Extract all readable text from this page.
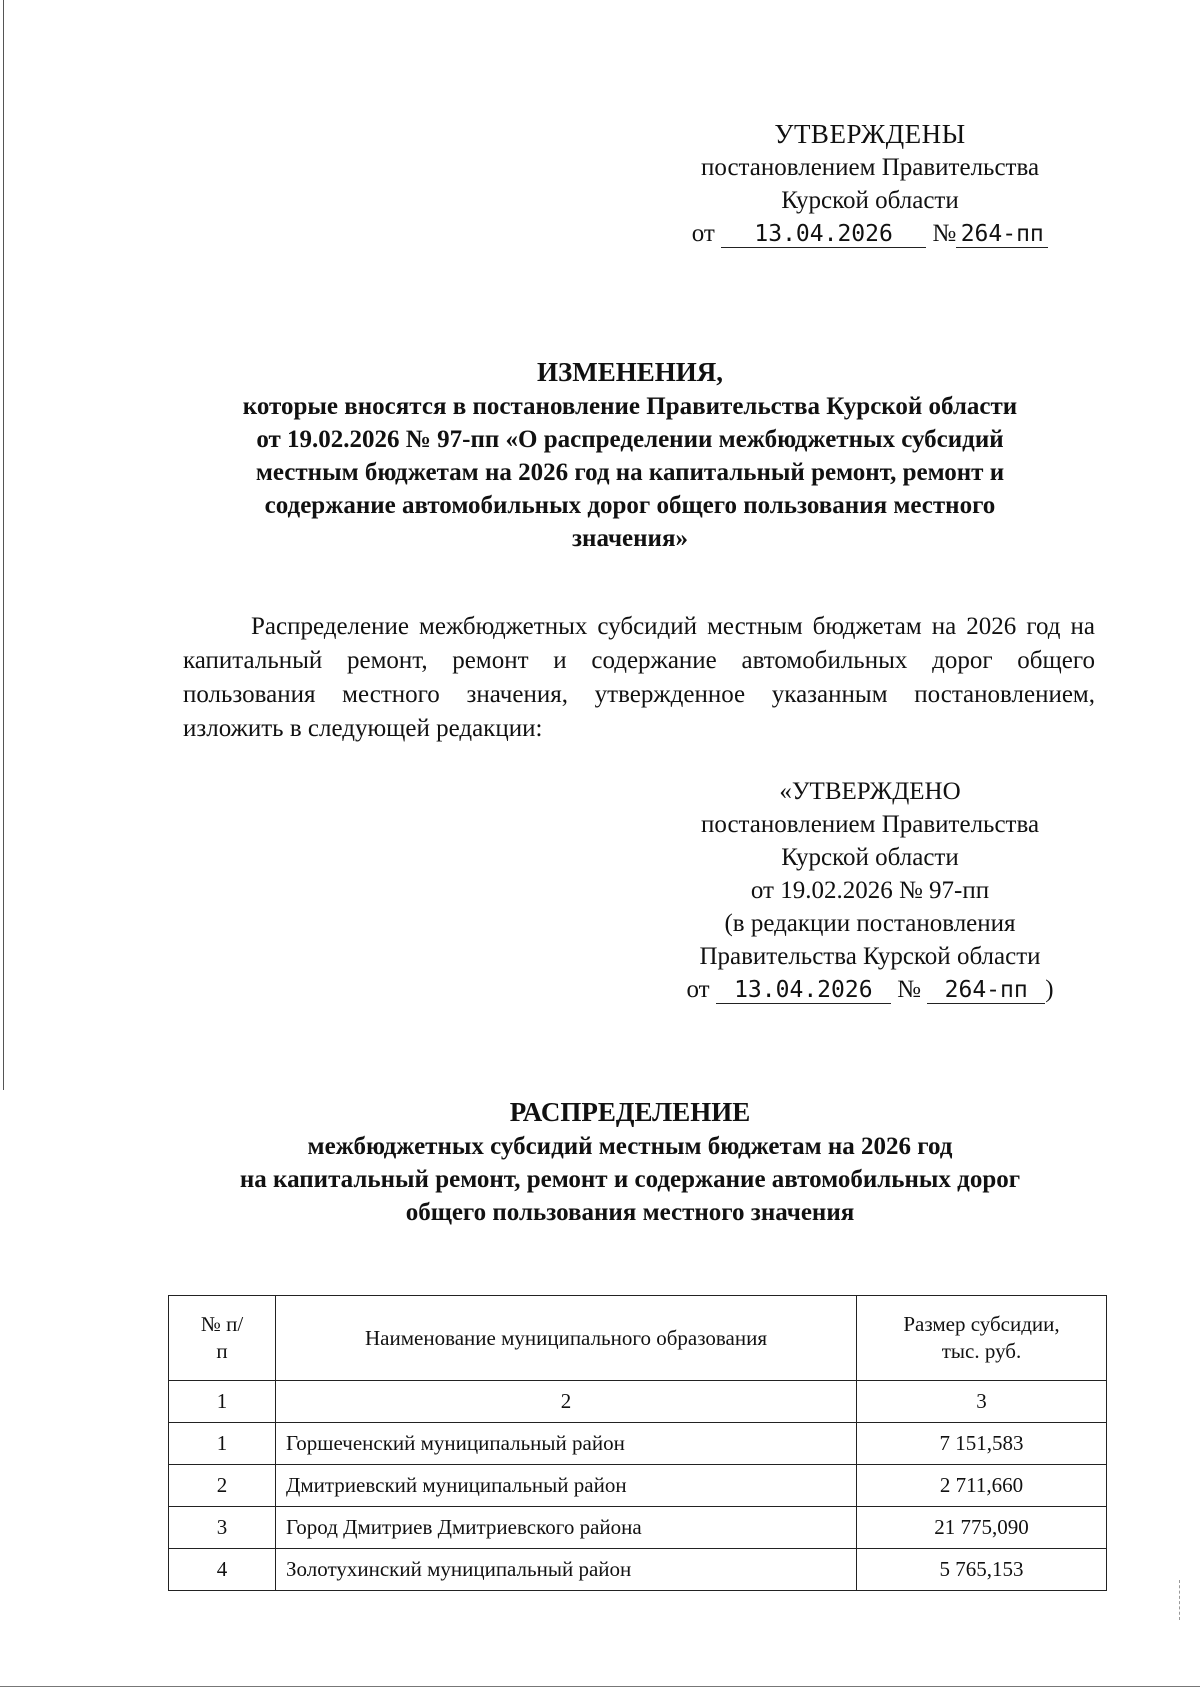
УТВЕРЖДЕНЫ
постановлением Правительства
Курской области
от 13.04.2026 № 264-пп
ИЗМЕНЕНИЯ,
которые вносятся в постановление Правительства Курской области
от 19.02.2026 № 97-пп «О распределении межбюджетных субсидий
местным бюджетам на 2026 год на капитальный ремонт, ремонт и
содержание автомобильных дорог общего пользования местного
значения»

Распределение межбюджетных субсидий местным бюджетам на 2026 год на капитальный ремонт, ремонт и содержание автомобильных дорог общего пользования местного значения, утвержденное указанным постановлением, изложить в следующей редакции:

«УТВЕРЖДЕНО
постановлением Правительства
Курской области
от 19.02.2026 № 97-пп
(в редакции постановления
Правительства Курской области
от 13.04.2026 № 264-пп )
РАСПРЕДЕЛЕНИЕ
межбюджетных субсидий местным бюджетам на 2026 год
на капитальный ремонт, ремонт и содержание автомобильных дорог
общего пользования местного значения
№ п/п	Наименование муниципального образования	Размер субсидии, тыс. руб.
1	2	3
1	Горшеченский муниципальный район	7 151,583
2	Дмитриевский муниципальный район	2 711,660
3	Город Дмитриев Дмитриевского района	21 775,090
4	Золотухинский муниципальный район	5 765,153
